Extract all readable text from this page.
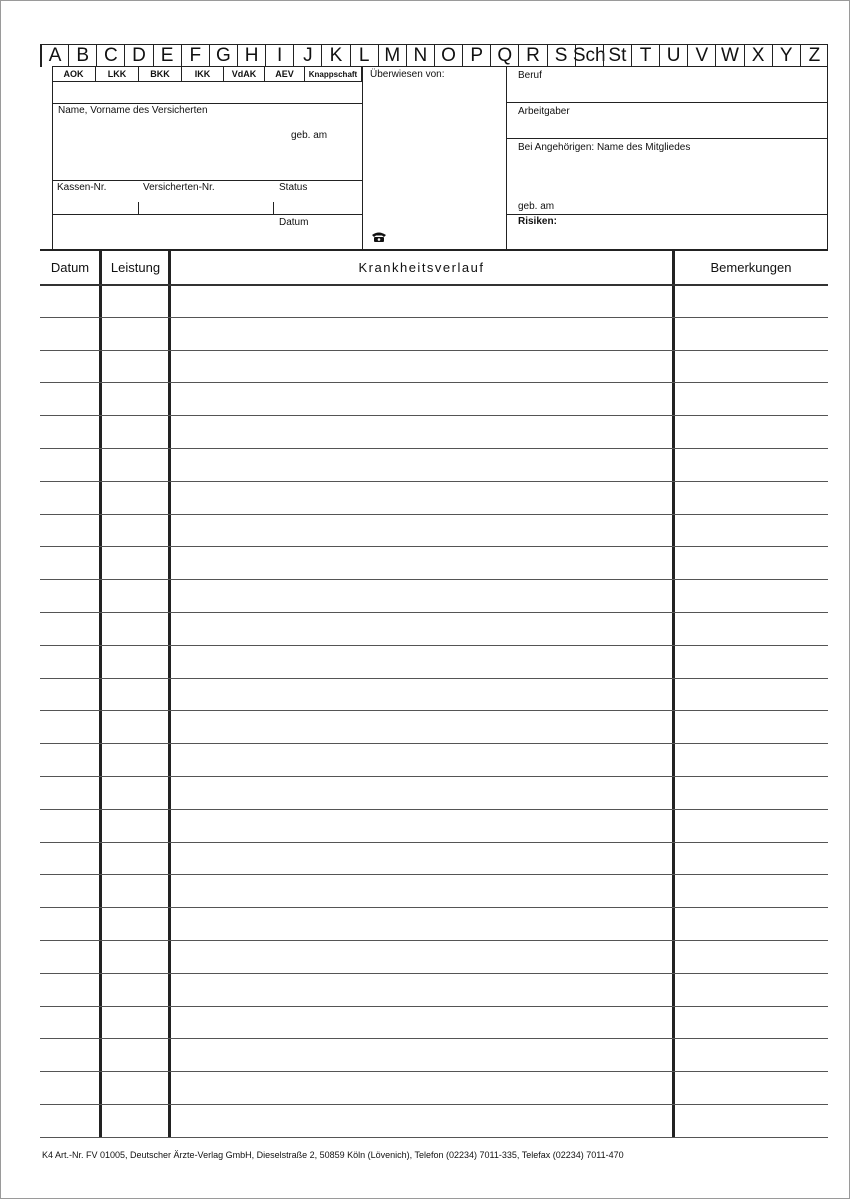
A B C D E F G H I J K L M N O P Q R S Sch St T U V W X Y Z
AOK	LKK	BKK	IKK	VdAK	AEV	Knappschaft
Name, Vorname des Versicherten
geb. am
Kassen-Nr.	Versicherten-Nr.	Status
Datum
Überwiesen von:	Beruf
Arbeitgaber
Bei Angehörigen: Name des Mitgliedes
geb. am
Risiken:
Datum	Leistung	Krankheitsverlauf	Bemerkungen
K4 Art.-Nr. FV 01005, Deutscher Ärzte-Verlag GmbH, Dieselstraße 2, 50859 Köln (Lövenich), Telefon (02234) 7011-335, Telefax (02234) 7011-470
